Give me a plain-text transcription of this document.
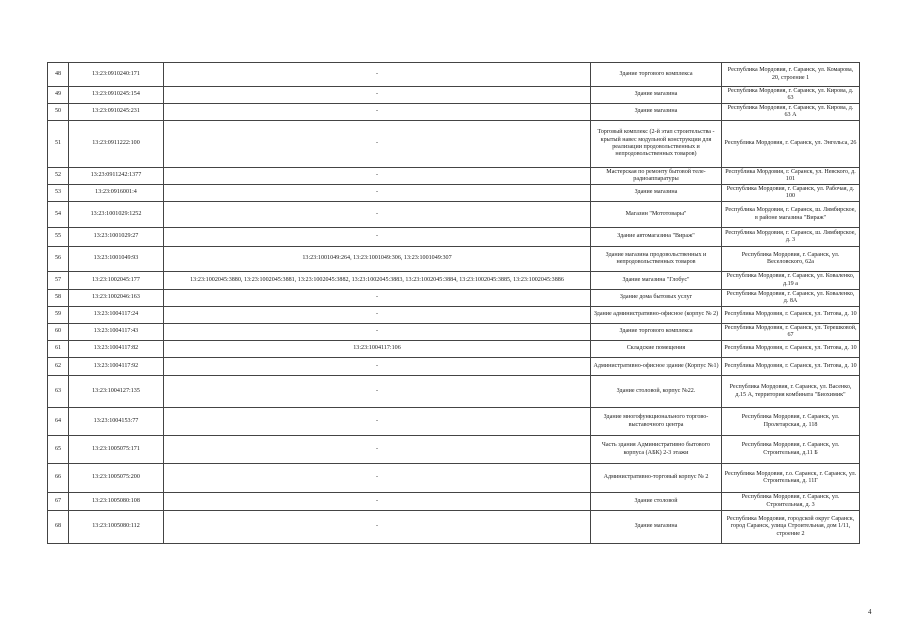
48	13:23:0910240:171	-	Здание торгового комплекса	Республика Мордовия, г. Саранск, ул. Комарова, 20, строение 1
49	13:23:0910245:154	-	Здание магазина	Республика Мордовия, г. Саранск, ул. Кирова, д. 63
50	13:23:0910245:231	-	Здание магазина	Республика Мордовия, г. Саранск, ул. Кирова, д. 63 А
51	13:23:0911222:100	-	Торговый комплекс (2-й этап строительства - крытый навес модульной конструкции для реализации продовольственных и непродовольственных товаров)	Республика Мордовия, г. Саранск, ул. Энгельса, 26
52	13:23:0911242:1377	-	Мастерская по ремонту бытовой теле-радиоаппаратуры	Республика Мордовия, г. Саранск, ул. Невского, д. 101
53	13:23:0916001:4	-	Здание магазина	Республика Мордовия, г. Саранск, ул. Рабочая, д. 100
54	13:23:1001029:1252	-	Магазин "Мототовары"	Республика Мордовия, г. Саранск, ш. Лямбирское, в районе магазина "Вираж"
55	13:23:1001029:27	-	Здание автомагазина "Вираж"	Республика Мордовия, г. Саранск, ш. Лямбирское, д. 3
56	13:23:1001049:93	13:23:1001049:264, 13:23:1001049:306, 13:23:1001049:307	Здание магазина продовольственных и непродовольственных товаров	Республика Мордовия, г. Саранск, ул. Веселовского, 62а
57	13:23:1002045:177	13:23:1002045:3880, 13:23:1002045:3881, 13:23:1002045:3882, 13:23:1002045:3883, 13:23:1002045:3884, 13:23:1002045:3885, 13:23:1002045:3886	Здание магазина "Глобус"	Республика Мордовия, г. Саранск, ул. Коваленко, д.19 а
58	13:23:1002046:163	-	Здание дома бытовых услуг	Республика Мордовия, г. Саранск, ул. Коваленко, д. 8А
59	13:23:1004117:24	-	Здание административно-офисное (корпус № 2)	Республика Мордовия, г. Саранск, ул. Титова, д. 10
60	13:23:1004117:43	-	Здание торгового комплекса	Республика Мордовия, г. Саранск, ул. Терешковой, 67
61	13:23:1004117:82	13:23:1004117:106	Складские помещения	Республика Мордовия, г. Саранск, ул. Титова, д. 10
62	13:23:1004117:92	-	Административно-офисное здание (Корпус №1)	Республика Мордовия, г. Саранск, ул. Титова, д. 10
63	13:23:1004127:135	-	Здание столовой, корпус №22.	Республика Мордовия, г. Саранск, ул. Васенко, д.15 А, территория комбината "Биохимик"
64	13:23:1004153:77	-	Здание многофункционального торгово-выставочного центра	Республика Мордовия, г. Саранск, ул. Пролетарская, д. 118
65	13:23:1005075:171	-	Часть здания Административно бытового корпуса (АБК) 2-3 этажи	Республика Мордовия, г. Саранск, ул. Строительная, д.11 Б
66	13:23:1005075:200	-	Административно-торговый корпус № 2	Республика Мордовия, г.о. Саранск, г. Саранск, ул. Строительная, д. 11Г
67	13:23:1005080:108	-	Здание столовой	Республика Мордовия, г. Саранск, ул. Строительная, д. 3
68	13:23:1005080:112	-	Здание магазина	Республика Мордовия, городской округ Саранск, город Саранск, улица Строительная, дом 1/11, строение 2
4
